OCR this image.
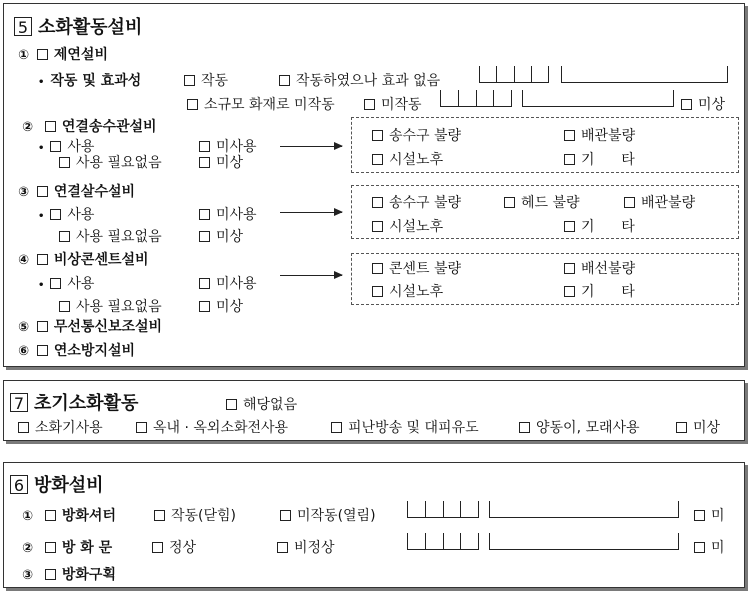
5 소화활동설비
① 제연설비
• 작동 및 효과성	작동	작동하였으나 효과 없음
소규모 화재로 미작동	미작동	미상
② 연결송수관설비
• 사용	미사용
사용 필요없음	미상
송수구 불량	배관불량
시설노후	기      타
③ 연결살수설비
• 사용	미사용
사용 필요없음	미상
송수구 불량	헤드 불량	배관불량
시설노후	기      타
④ 비상콘센트설비
• 사용	미사용
사용 필요없음	미상
콘센트 불량	배선불량
시설노후	기      타
⑤ 무선통신보조설비
⑥ 연소방지설비
7 초기소화활동	해당없음
소화기사용	옥내 · 옥외소화전사용	피난방송 및 대피유도	양동이, 모래사용	미상
6 방화설비
① 방화셔터	작동(닫힘)	미작동(열림)	미
② 방 화 문	정상	비정상	미
③ 방화구획
